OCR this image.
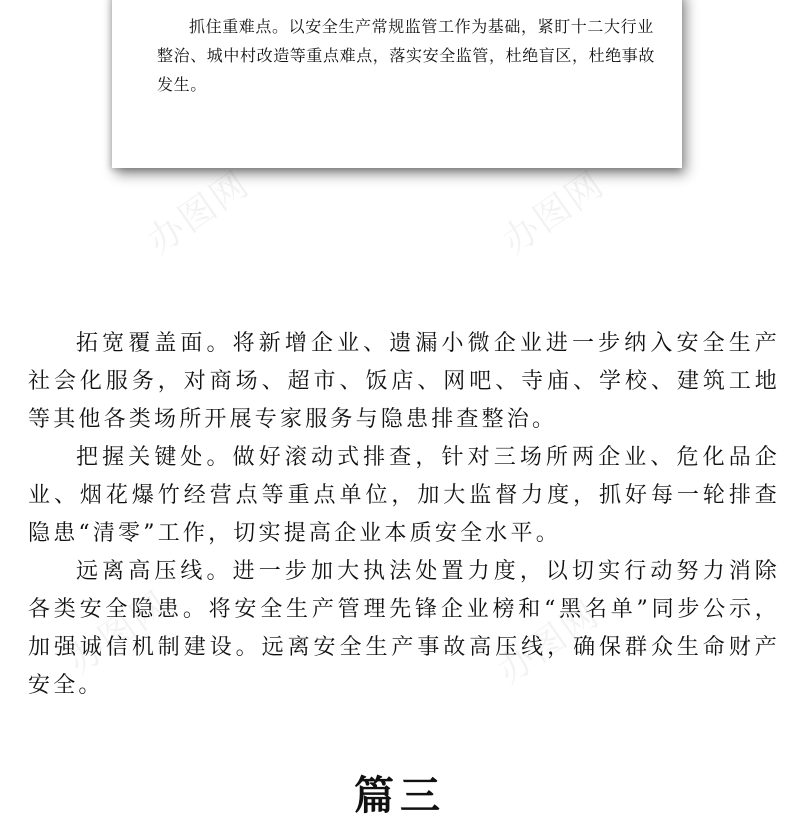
办图网	办图网
办图网	办图网

抓住重难点。以安全生产常规监管工作为基础，紧盯十二大行业

整治、城中村改造等重点难点，落实安全监管，杜绝盲区，杜绝事故

发生。

拓宽覆盖面。将新增企业、遗漏小微企业进一步纳入安全生产社会化服务，对商场、超市、饭店、网吧、寺庙、学校、建筑工地等其他各类场所开展专家服务与隐患排查整治。

把握关键处。做好滚动式排查，针对三场所两企业、危化品企业、烟花爆竹经营点等重点单位，加大监督力度，抓好每一轮排查隐患“清零”工作，切实提高企业本质安全水平。

远离高压线。进一步加大执法处置力度，以切实行动努力消除各类安全隐患。将安全生产管理先锋企业榜和“黑名单”同步公示，加强诚信机制建设。远离安全生产事故高压线，确保群众生命财产安全。

篇三
